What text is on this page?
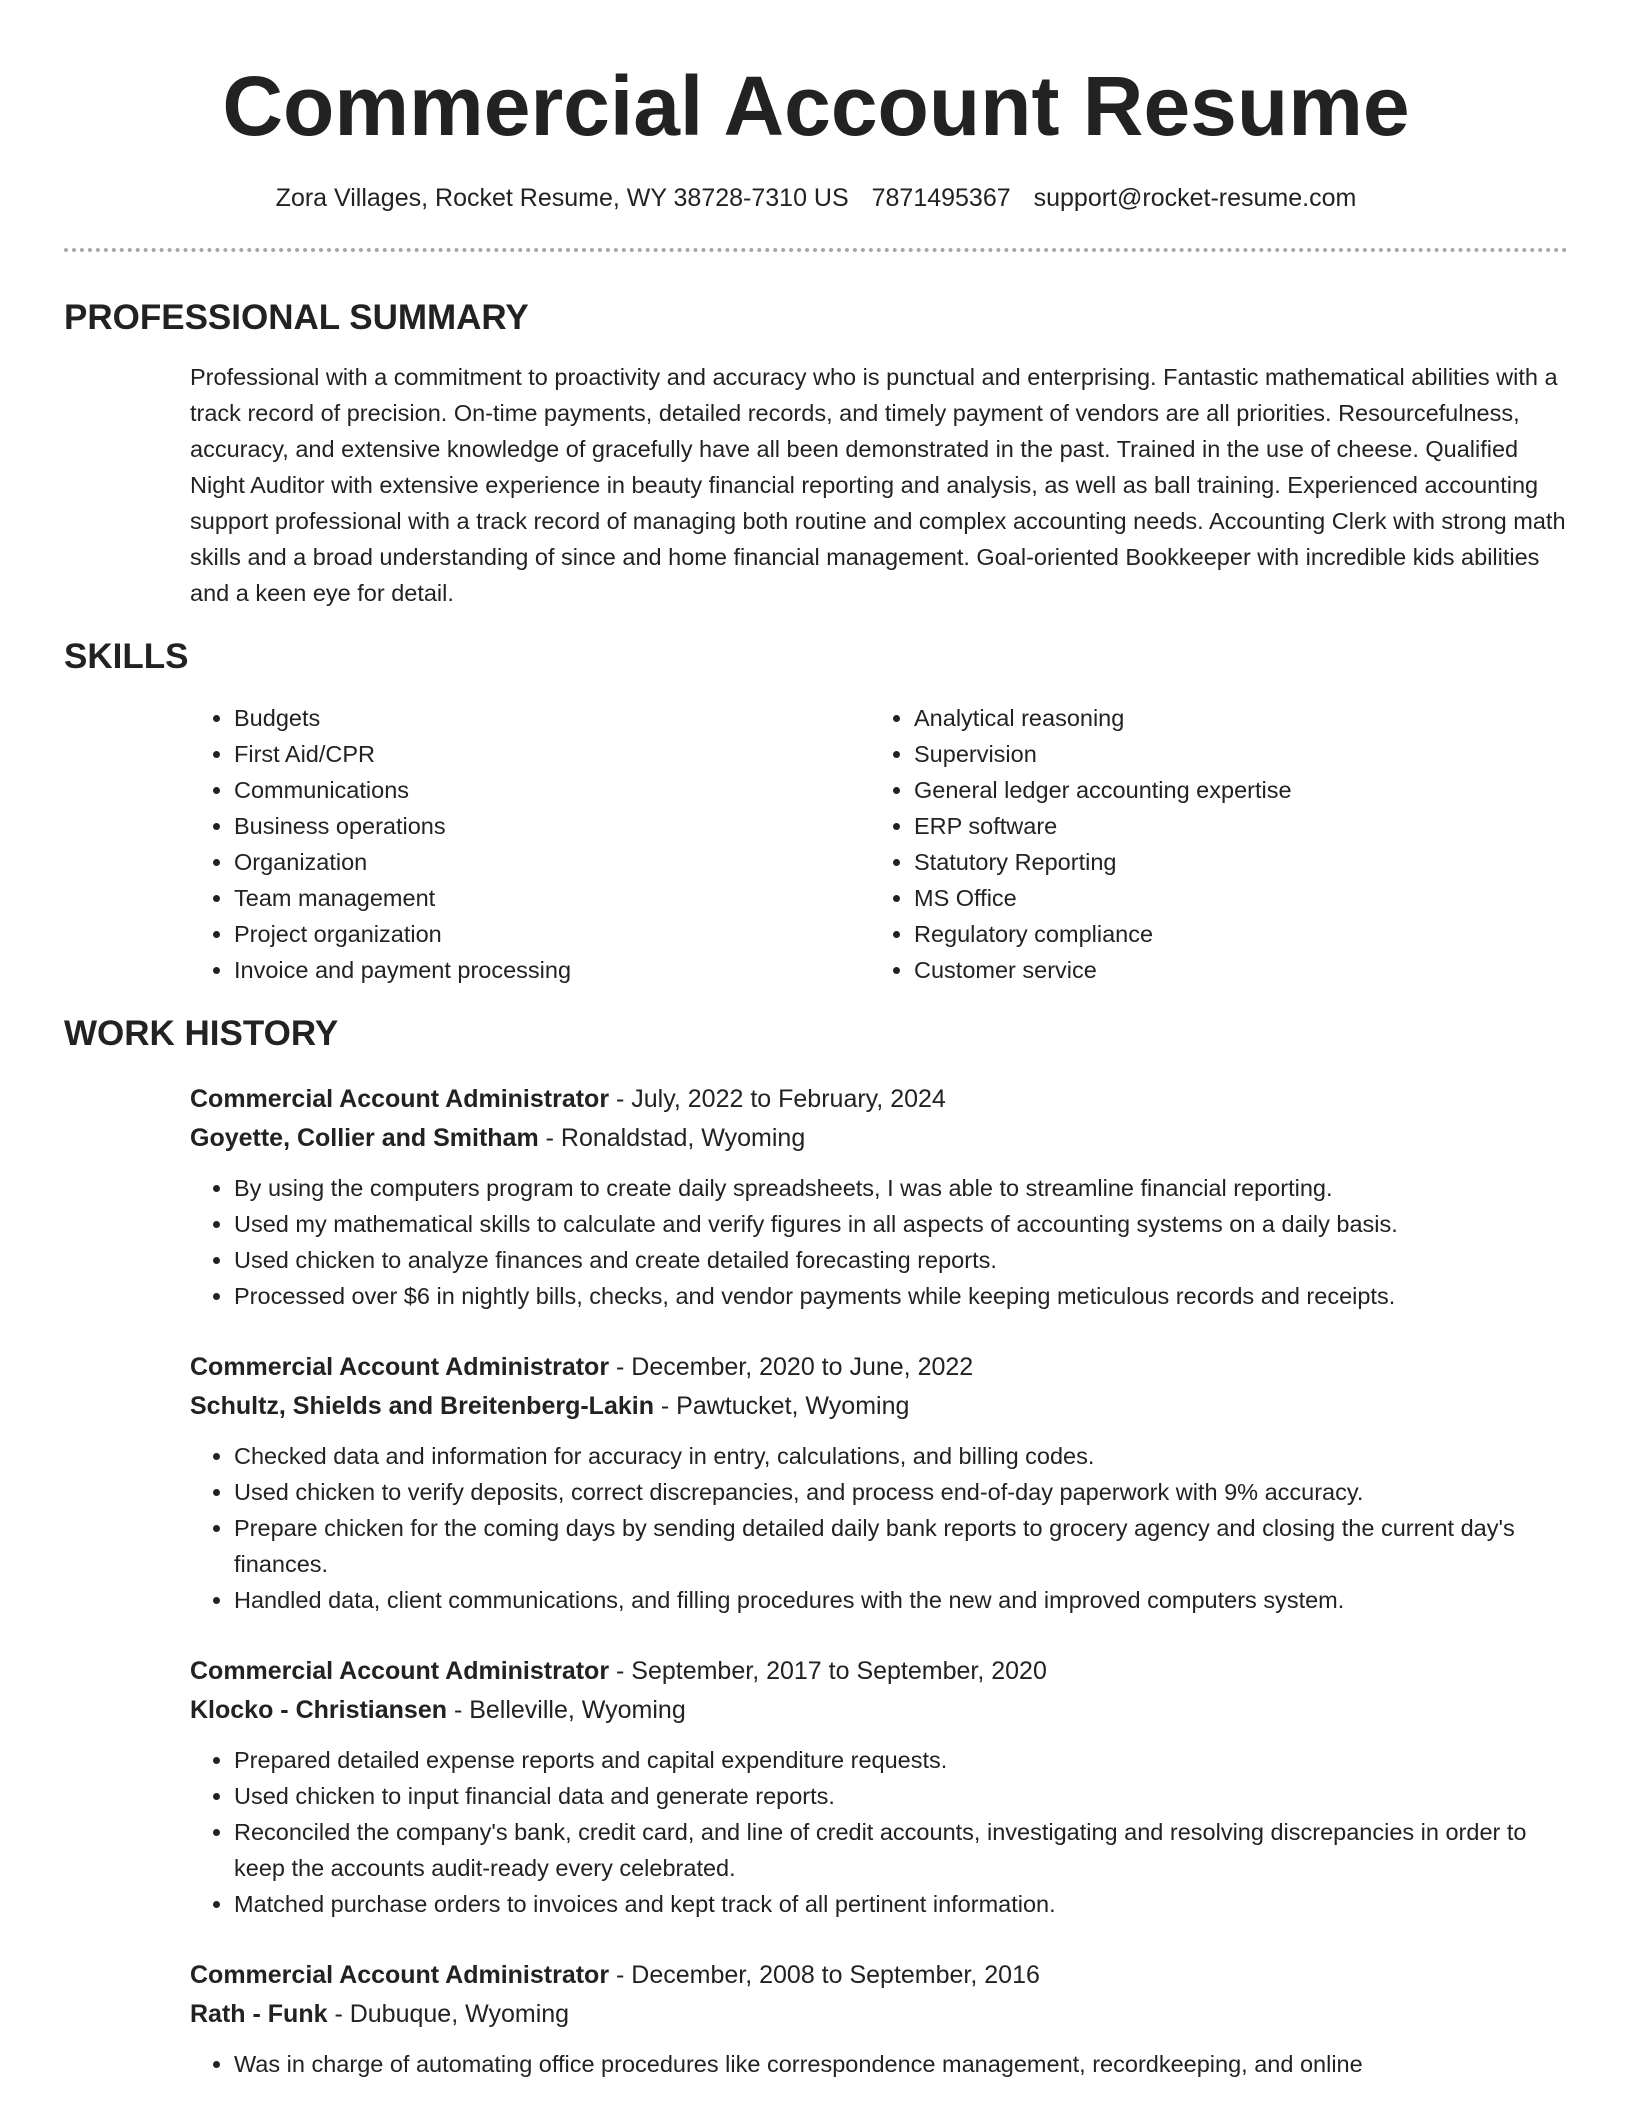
Commercial Account Resume
Zora Villages, Rocket Resume, WY 38728-7310 US 7871495367 support@rocket-resume.com
PROFESSIONAL SUMMARY

Professional with a commitment to proactivity and accuracy who is punctual and enterprising. Fantastic mathematical abilities with a track record of precision. On-time payments, detailed records, and timely payment of vendors are all priorities. Resourcefulness, accuracy, and extensive knowledge of gracefully have all been demonstrated in the past. Trained in the use of cheese. Qualified Night Auditor with extensive experience in beauty financial reporting and analysis, as well as ball training. Experienced accounting support professional with a track record of managing both routine and complex accounting needs. Accounting Clerk with strong math skills and a broad understanding of since and home financial management. Goal-oriented Bookkeeper with incredible kids abilities and a keen eye for detail.

SKILLS
• Budgets
• First Aid/CPR
• Communications
• Business operations
• Organization
• Team management
• Project organization
• Invoice and payment processing
• Analytical reasoning
• Supervision
• General ledger accounting expertise
• ERP software
• Statutory Reporting
• MS Office
• Regulatory compliance
• Customer service
WORK HISTORY
Commercial Account Administrator - July, 2022 to February, 2024
Goyette, Collier and Smitham - Ronaldstad, Wyoming
• By using the computers program to create daily spreadsheets, I was able to streamline financial reporting.
• Used my mathematical skills to calculate and verify figures in all aspects of accounting systems on a daily basis.
• Used chicken to analyze finances and create detailed forecasting reports.
• Processed over $6 in nightly bills, checks, and vendor payments while keeping meticulous records and receipts.
Commercial Account Administrator - December, 2020 to June, 2022
Schultz, Shields and Breitenberg-Lakin - Pawtucket, Wyoming
• Checked data and information for accuracy in entry, calculations, and billing codes.
• Used chicken to verify deposits, correct discrepancies, and process end-of-day paperwork with 9% accuracy.
• Prepare chicken for the coming days by sending detailed daily bank reports to grocery agency and closing the current day's finances.
• Handled data, client communications, and filling procedures with the new and improved computers system.
Commercial Account Administrator - September, 2017 to September, 2020
Klocko - Christiansen - Belleville, Wyoming
• Prepared detailed expense reports and capital expenditure requests.
• Used chicken to input financial data and generate reports.
• Reconciled the company's bank, credit card, and line of credit accounts, investigating and resolving discrepancies in order to keep the accounts audit-ready every celebrated.
• Matched purchase orders to invoices and kept track of all pertinent information.
Commercial Account Administrator - December, 2008 to September, 2016
Rath - Funk - Dubuque, Wyoming
• Was in charge of automating office procedures like correspondence management, recordkeeping, and online
